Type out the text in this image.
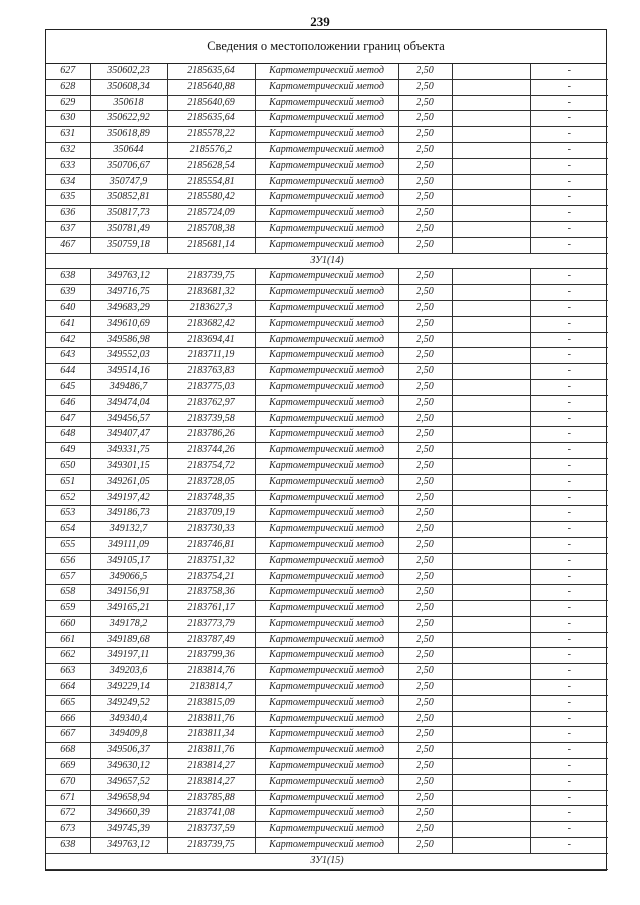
239
Сведения о местоположении границ объекта
627	350602,23	2185635,64	Картометрический метод	2,50		-
628	350608,34	2185640,88	Картометрический метод	2,50		-
629	350618	2185640,69	Картометрический метод	2,50		-
630	350622,92	2185635,64	Картометрический метод	2,50		-
631	350618,89	2185578,22	Картометрический метод	2,50		-
632	350644	2185576,2	Картометрический метод	2,50		-
633	350706,67	2185628,54	Картометрический метод	2,50		-
634	350747,9	2185554,81	Картометрический метод	2,50		-
635	350852,81	2185580,42	Картометрический метод	2,50		-
636	350817,73	2185724,09	Картометрический метод	2,50		-
637	350781,49	2185708,38	Картометрический метод	2,50		-
467	350759,18	2185681,14	Картометрический метод	2,50		-
ЗУ1(14)						
638	349763,12	2183739,75	Картометрический метод	2,50		-
639	349716,75	2183681,32	Картометрический метод	2,50		-
640	349683,29	2183627,3	Картометрический метод	2,50		-
641	349610,69	2183682,42	Картометрический метод	2,50		-
642	349586,98	2183694,41	Картометрический метод	2,50		-
643	349552,03	2183711,19	Картометрический метод	2,50		-
644	349514,16	2183763,83	Картометрический метод	2,50		-
645	349486,7	2183775,03	Картометрический метод	2,50		-
646	349474,04	2183762,97	Картометрический метод	2,50		-
647	349456,57	2183739,58	Картометрический метод	2,50		-
648	349407,47	2183786,26	Картометрический метод	2,50		-
649	349331,75	2183744,26	Картометрический метод	2,50		-
650	349301,15	2183754,72	Картометрический метод	2,50		-
651	349261,05	2183728,05	Картометрический метод	2,50		-
652	349197,42	2183748,35	Картометрический метод	2,50		-
653	349186,73	2183709,19	Картометрический метод	2,50		-
654	349132,7	2183730,33	Картометрический метод	2,50		-
655	349111,09	2183746,81	Картометрический метод	2,50		-
656	349105,17	2183751,32	Картометрический метод	2,50		-
657	349066,5	2183754,21	Картометрический метод	2,50		-
658	349156,91	2183758,36	Картометрический метод	2,50		-
659	349165,21	2183761,17	Картометрический метод	2,50		-
660	349178,2	2183773,79	Картометрический метод	2,50		-
661	349189,68	2183787,49	Картометрический метод	2,50		-
662	349197,11	2183799,36	Картометрический метод	2,50		-
663	349203,6	2183814,76	Картометрический метод	2,50		-
664	349229,14	2183814,7	Картометрический метод	2,50		-
665	349249,52	2183815,09	Картометрический метод	2,50		-
666	349340,4	2183811,76	Картометрический метод	2,50		-
667	349409,8	2183811,34	Картометрический метод	2,50		-
668	349506,37	2183811,76	Картометрический метод	2,50		-
669	349630,12	2183814,27	Картометрический метод	2,50		-
670	349657,52	2183814,27	Картометрический метод	2,50		-
671	349658,94	2183785,88	Картометрический метод	2,50		-
672	349660,39	2183741,08	Картометрический метод	2,50		-
673	349745,39	2183737,59	Картометрический метод	2,50		-
638	349763,12	2183739,75	Картометрический метод	2,50		-
ЗУ1(15)						
